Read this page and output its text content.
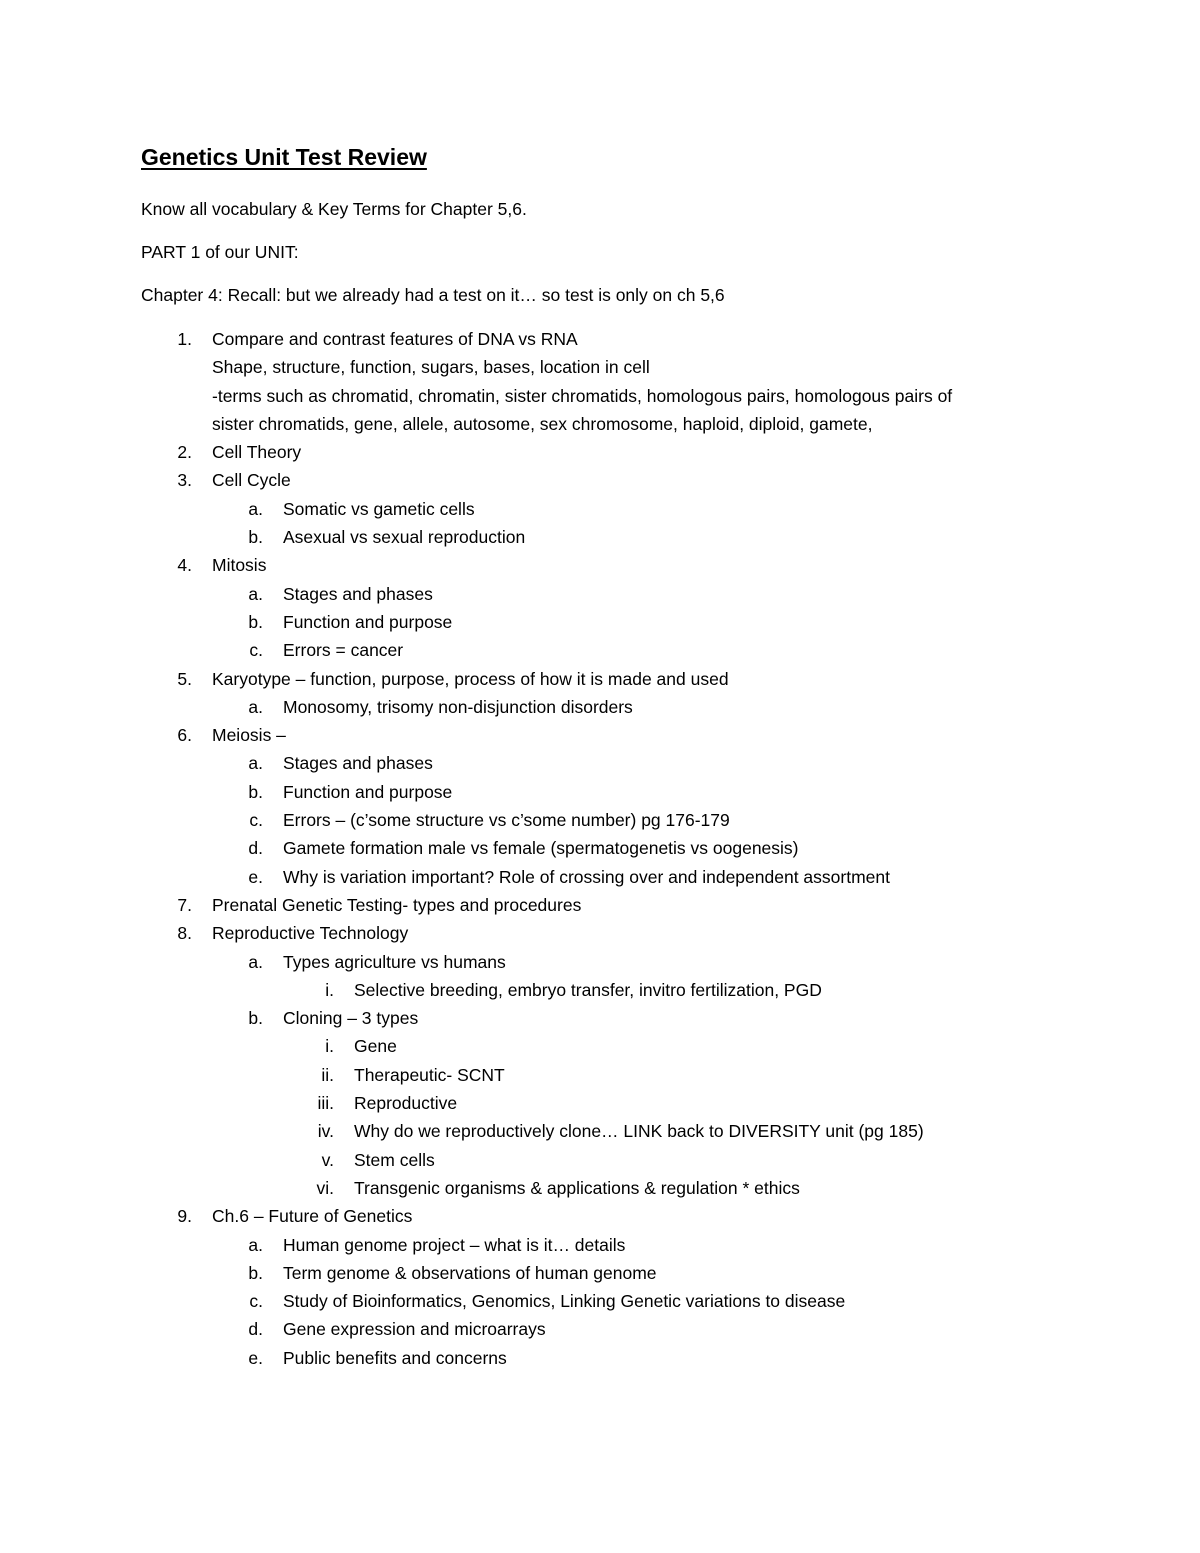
Genetics Unit Test Review
Know all vocabulary & Key Terms for Chapter 5,6.
PART 1 of our UNIT:
Chapter 4: Recall: but we already had a test on it… so test is only on ch 5,6
1. Compare and contrast features of DNA vs RNA
Shape, structure, function, sugars, bases, location in cell
-terms such as chromatid, chromatin, sister chromatids, homologous pairs, homologous pairs of
sister chromatids, gene, allele, autosome, sex chromosome, haploid, diploid, gamete,
2. Cell Theory
3. Cell Cycle
a. Somatic vs gametic cells
b. Asexual vs sexual reproduction
4. Mitosis
a. Stages and phases
b. Function and purpose
c. Errors = cancer
5. Karyotype – function, purpose, process of how it is made and used
a. Monosomy, trisomy non-disjunction disorders
6. Meiosis –
a. Stages and phases
b. Function and purpose
c. Errors – (c’some structure vs c’some number) pg 176-179
d. Gamete formation male vs female (spermatogenetis vs oogenesis)
e. Why is variation important? Role of crossing over and independent assortment
7. Prenatal Genetic Testing- types and procedures
8. Reproductive Technology
a. Types agriculture vs humans
i. Selective breeding, embryo transfer, invitro fertilization, PGD
b. Cloning – 3 types
i. Gene
ii. Therapeutic- SCNT
iii. Reproductive
iv. Why do we reproductively clone… LINK back to DIVERSITY unit (pg 185)
v. Stem cells
vi. Transgenic organisms & applications & regulation * ethics
9. Ch.6 – Future of Genetics
a. Human genome project – what is it… details
b. Term genome & observations of human genome
c. Study of Bioinformatics, Genomics, Linking Genetic variations to disease
d. Gene expression and microarrays
e. Public benefits and concerns
